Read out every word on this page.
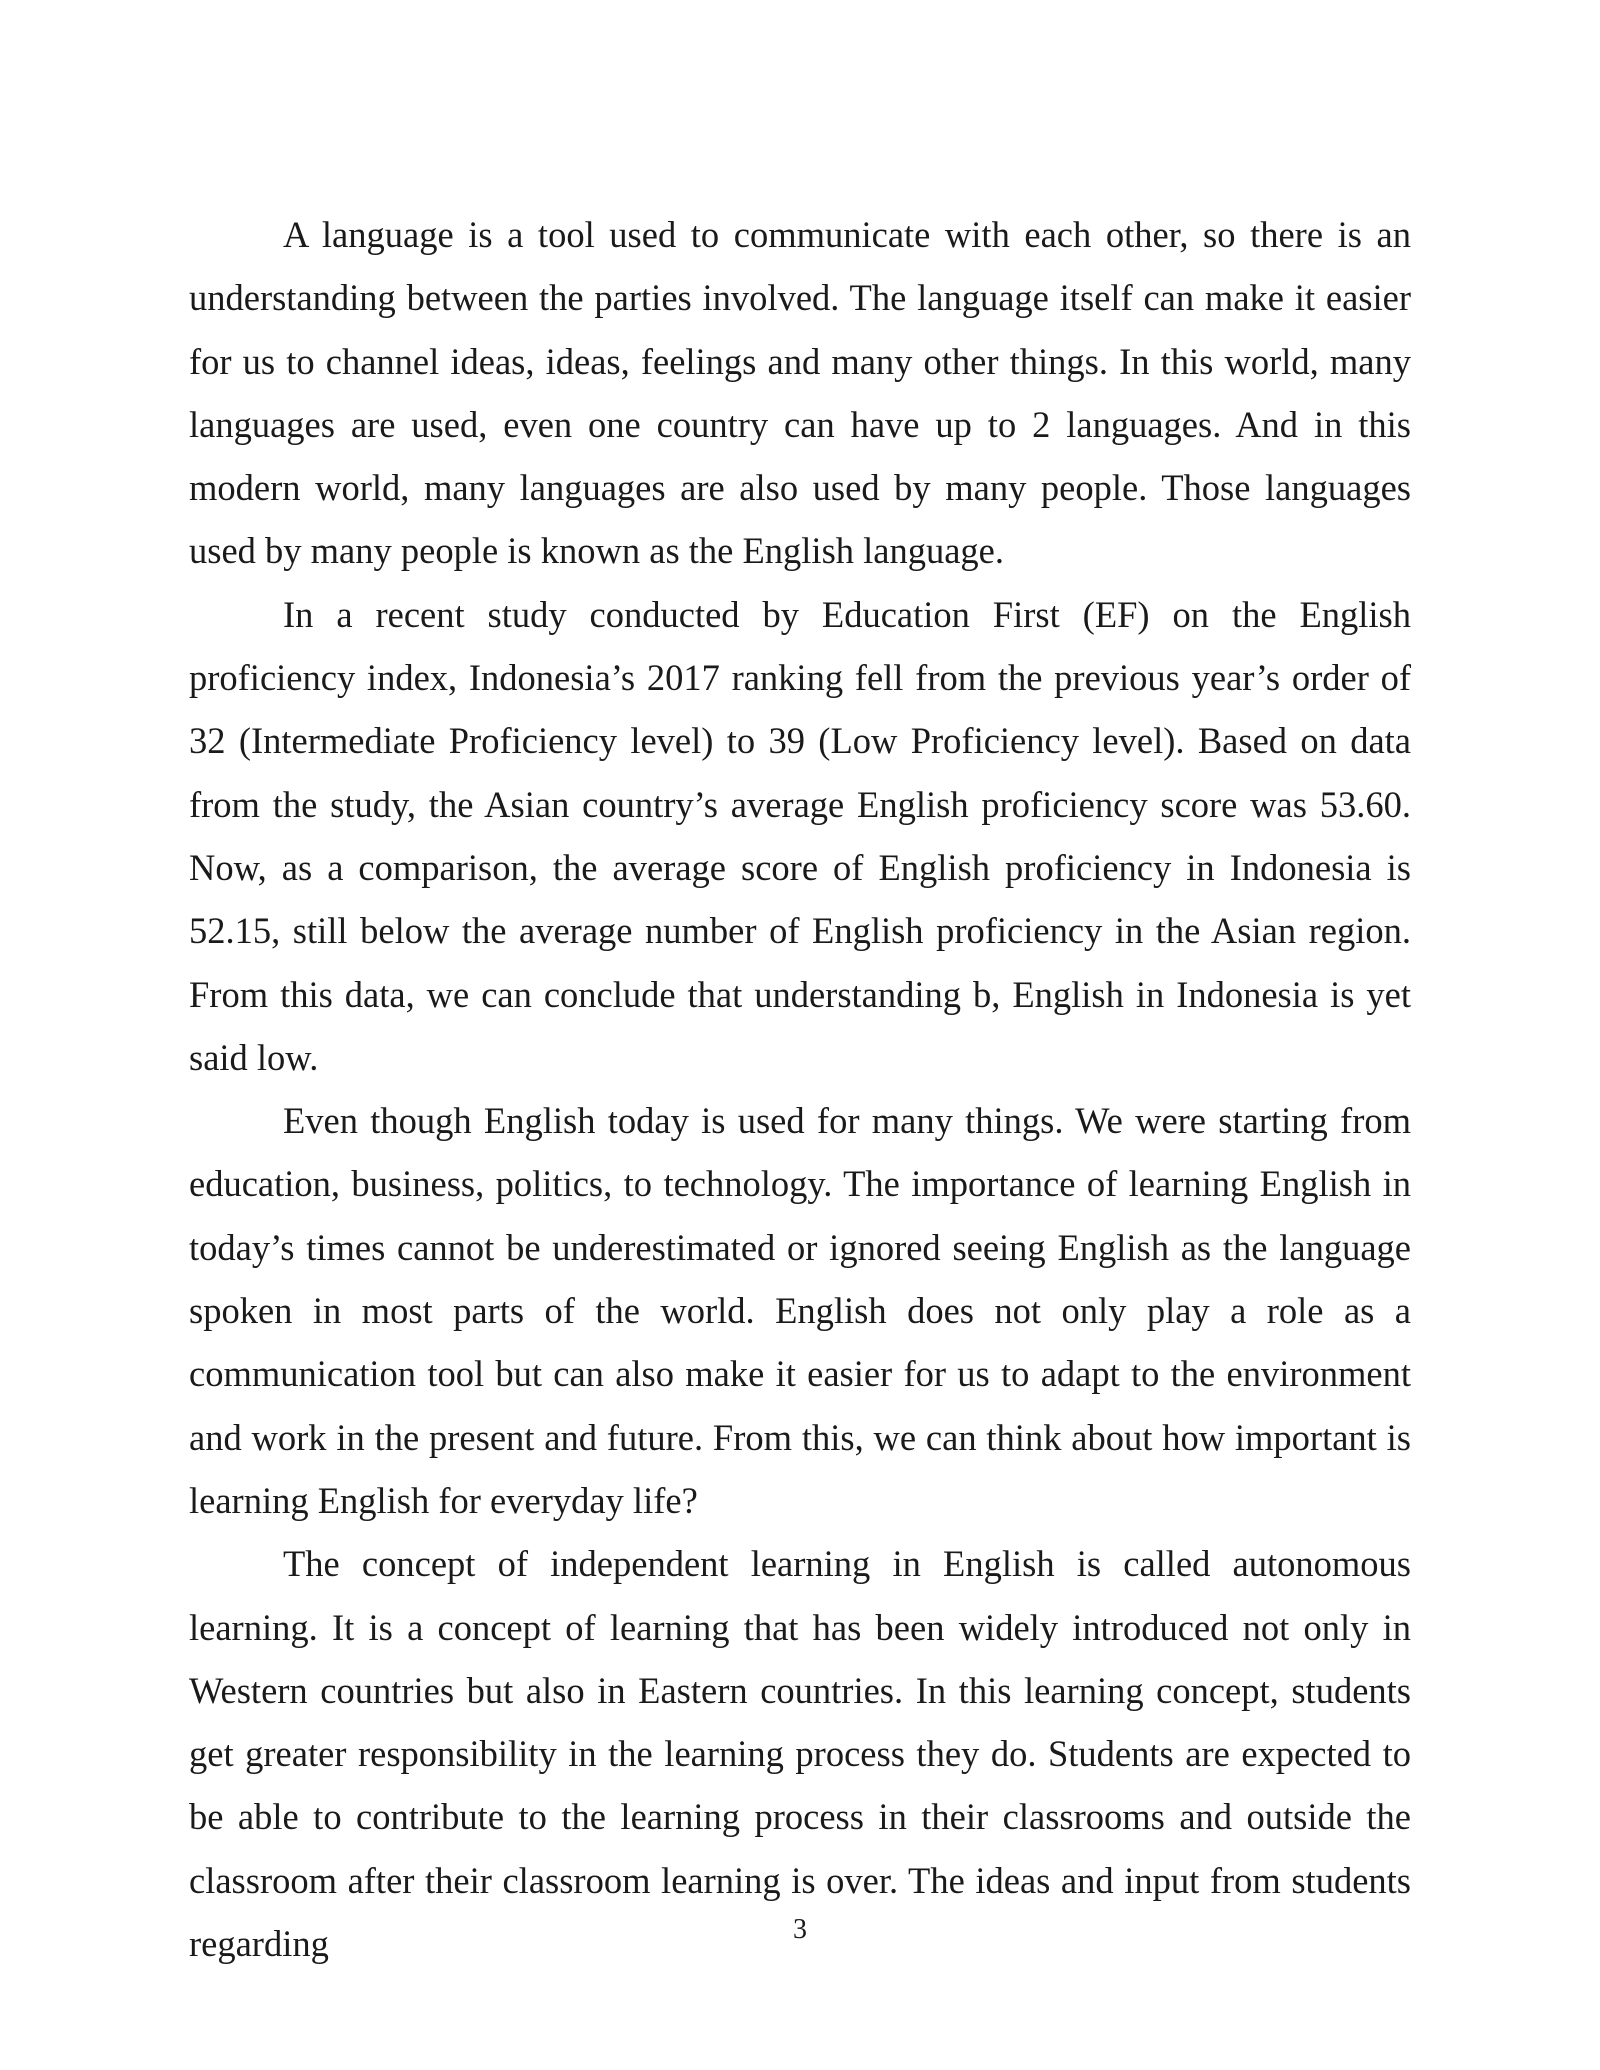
A language is a tool used to communicate with each other, so there is an understanding between the parties involved. The language itself can make it easier for us to channel ideas, ideas, feelings and many other things. In this world, many languages are used, even one country can have up to 2 languages. And in this modern world, many languages are also used by many people. Those languages used by many people is known as the English language.

In a recent study conducted by Education First (EF) on the English proficiency index, Indonesia’s 2017 ranking fell from the previous year’s order of 32 (Intermediate Proficiency level) to 39 (Low Proficiency level). Based on data from the study, the Asian country’s average English proficiency score was 53.60. Now, as a comparison, the average score of English proficiency in Indonesia is 52.15, still below the average number of English proficiency in the Asian region. From this data, we can conclude that understanding b, English in Indonesia is yet said low.

Even though English today is used for many things. We were starting from education, business, politics, to technology. The importance of learning English in today’s times cannot be underestimated or ignored seeing English as the language spoken in most parts of the world. English does not only play a role as a communication tool but can also make it easier for us to adapt to the environment and work in the present and future. From this, we can think about how important is learning English for everyday life?

The concept of independent learning in English is called autonomous learning. It is a concept of learning that has been widely introduced not only in Western countries but also in Eastern countries. In this learning concept, students get greater responsibility in the learning process they do. Students are expected to be able to contribute to the learning process in their classrooms and outside the classroom after their classroom learning is over. The ideas and input from students regarding	3
